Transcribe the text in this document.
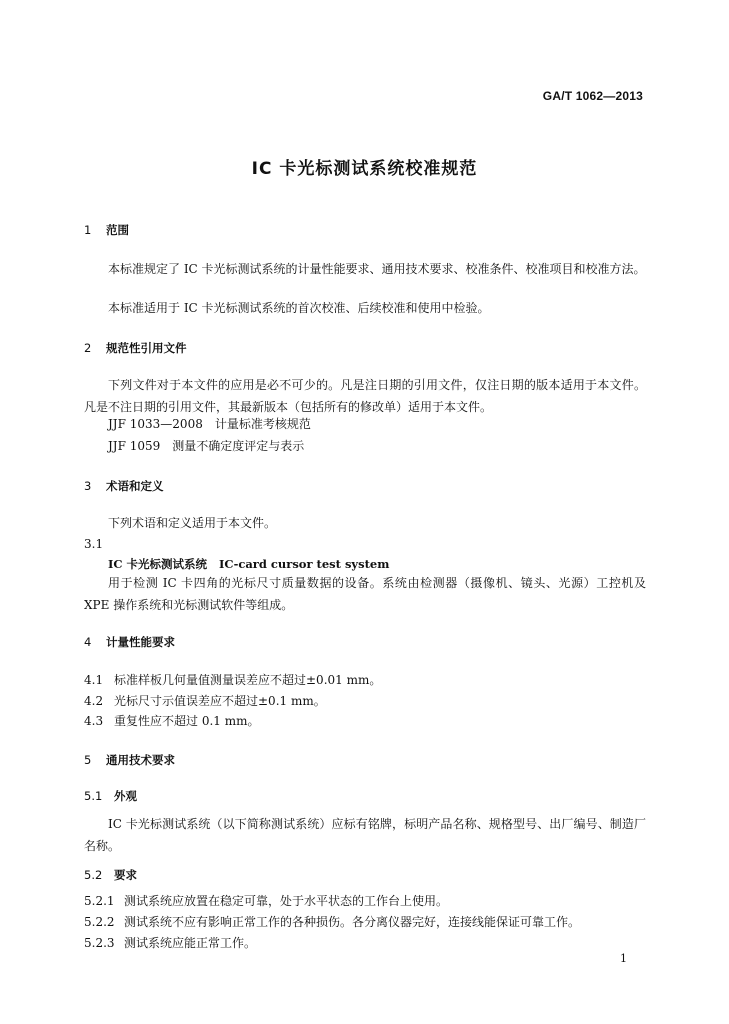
GA/T 1062—2013
IC 卡光标测试系统校准规范
1 范围
本标准规定了 IC 卡光标测试系统的计量性能要求、通用技术要求、校准条件、校准项目和校准方法。
本标准适用于 IC 卡光标测试系统的首次校准、后续校准和使用中检验。
2 规范性引用文件
下列文件对于本文件的应用是必不可少的。凡是注日期的引用文件，仅注日期的版本适用于本文件。凡是不注日期的引用文件，其最新版本（包括所有的修改单）适用于本文件。
JJF 1033—2008　计量标准考核规范
JJF 1059　测量不确定度评定与表示
3 术语和定义
下列术语和定义适用于本文件。
3.1
IC 卡光标测试系统 IC-card cursor test system
用于检测 IC 卡四角的光标尺寸质量数据的设备。系统由检测器（摄像机、镜头、光源）工控机及 XPE 操作系统和光标测试软件等组成。
4 计量性能要求
4.1 标准样板几何量值测量误差应不超过±0.01 mm。
4.2 光标尺寸示值误差应不超过±0.1 mm。
4.3 重复性应不超过 0.1 mm。
5 通用技术要求
5.1 外观
IC 卡光标测试系统（以下简称测试系统）应标有铭牌，标明产品名称、规格型号、出厂编号、制造厂名称。
5.2 要求
5.2.1 测试系统应放置在稳定可靠，处于水平状态的工作台上使用。
5.2.2 测试系统不应有影响正常工作的各种损伤。各分离仪器完好，连接线能保证可靠工作。
5.2.3 测试系统应能正常工作。
1
